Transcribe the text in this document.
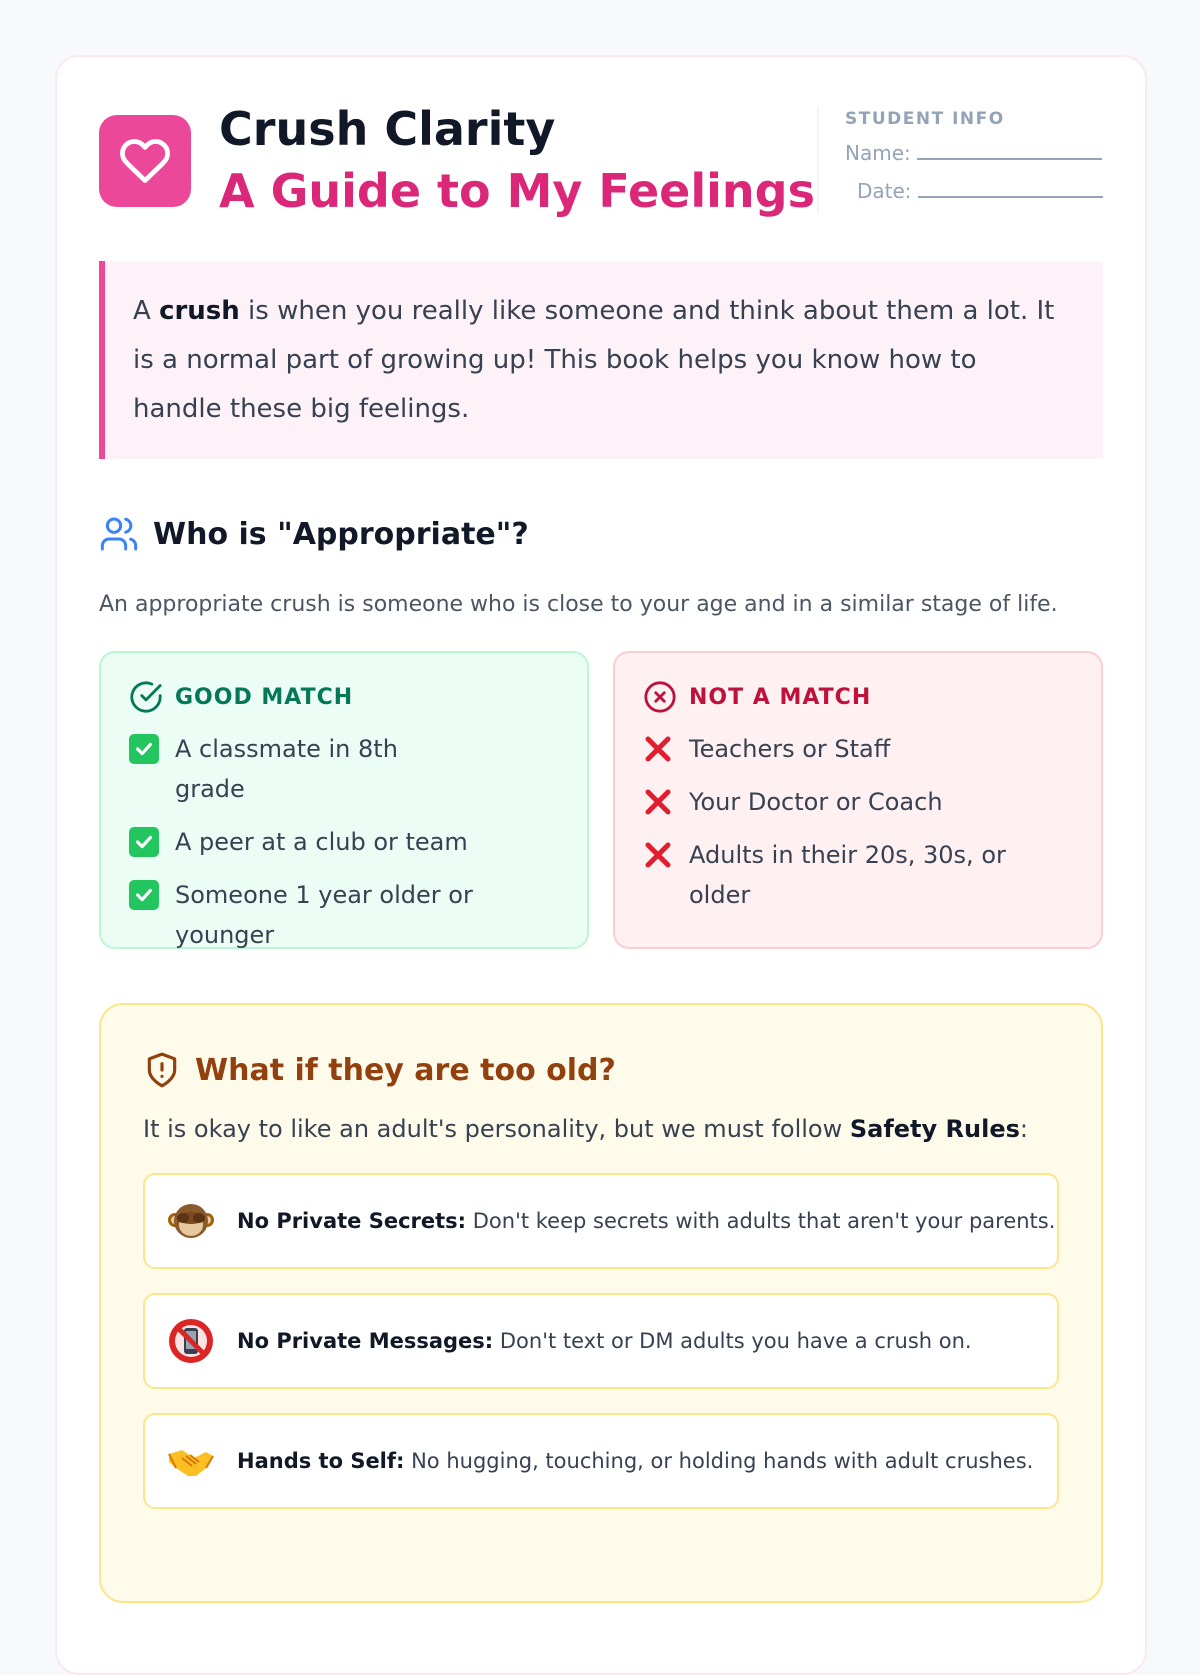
Crush Clarity
A Guide to My Feelings
STUDENT INFO
Name:
Date:
A crush is when you really like someone and think about them a lot. It is a normal part of growing up! This book helps you know how to handle these big feelings.
Who is "Appropriate"?
An appropriate crush is someone who is close to your age and in a similar stage of life.
GOOD MATCH
A classmate in 8th grade
A peer at a club or team
Someone 1 year older or younger
NOT A MATCH
Teachers or Staff
Your Doctor or Coach
Adults in their 20s, 30s, or older
What if they are too old?
It is okay to like an adult's personality, but we must follow Safety Rules:
No Private Secrets: Don't keep secrets with adults that aren't your parents.
No Private Messages: Don't text or DM adults you have a crush on.
Hands to Self: No hugging, touching, or holding hands with adult crushes.
